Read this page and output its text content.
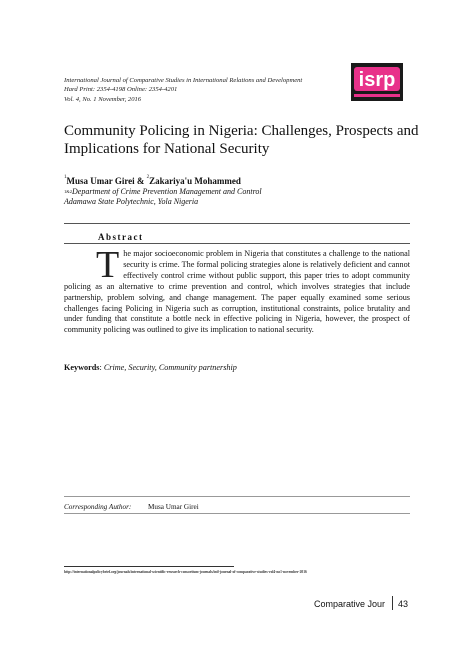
International Journal of Comparative Studies in International Relations and Development
Hard Print: 2354-4198 Online: 2354-4201
Vol. 4, No. 1 November, 2016
isrp
Community Policing in Nigeria: Challenges, Prospects and Implications for National Security
$^1$Musa Umar Girei & $^2$Zakariya'u Mohammed
$^{1\&2}$Department of Crime Prevention Management and Control
Adamawa State Polytechnic, Yola Nigeria
Abstract
The major socioeconomic problem in Nigeria that constitutes a challenge to the national security is crime. The formal policing strategies alone is relatively deficient and cannot effectively control crime without public support, this paper tries to adopt community policing as an alternative to crime prevention and control, which involves strategies that include partnership, problem solving, and change management. The paper equally examined some serious challenges facing Policing in Nigeria such as corruption, institutional constraints, police brutality and under funding that constitute a bottle neck in effective policing in Nigeria, however, the prospect of community policing was outlined to give its implication to national security.
Keywords: Crime, Security, Community partnership
Corresponding Author: Musa Umar Girei
http://internationalpolicybrief.org/journals/international-scientific-research-consortium-journals/intl-journal-of-comparative-studies-vol4-no1-november-2016
Comparative Jour 43
